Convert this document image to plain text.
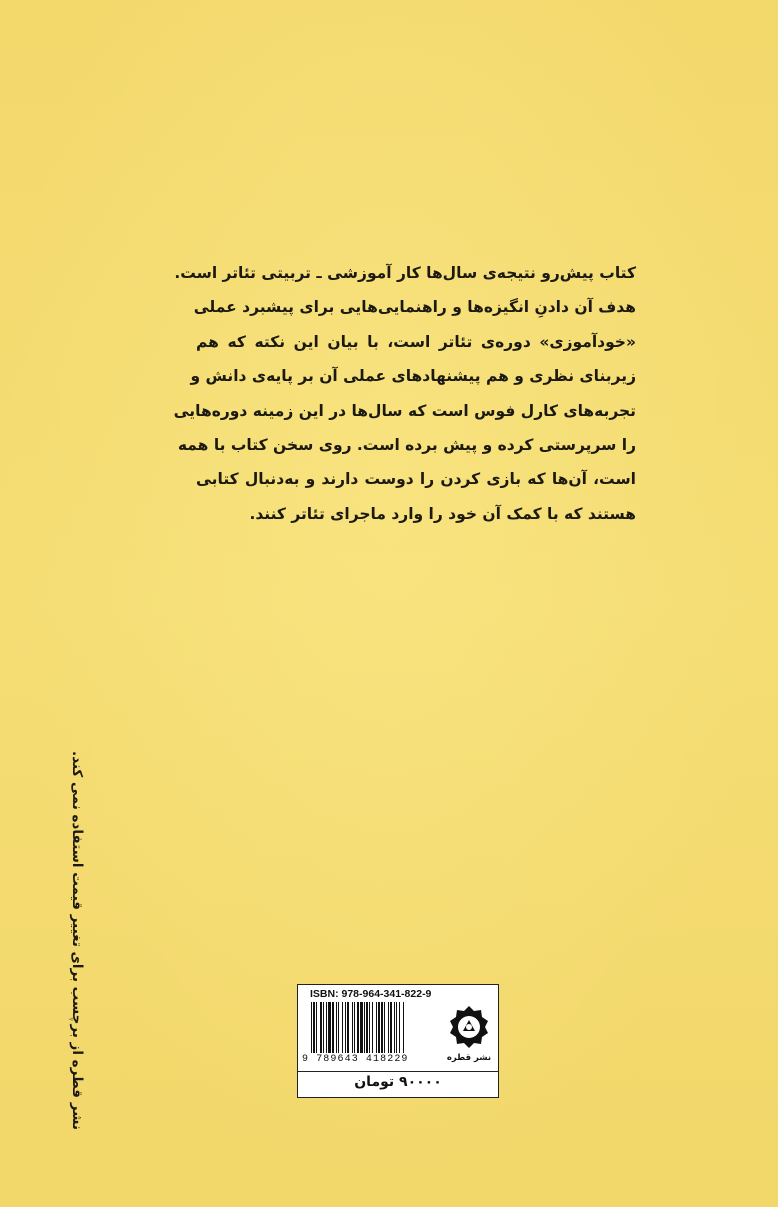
کتاب پیش‌رو نتیجه‌ی سال‌ها کار آموزشی ـ تربیتی تئاتر است.
هدف آن دادنِ انگیزه‌ها و راهنمایی‌هایی برای پیشبرد عملی
«خودآموزی» دوره‌ی تئاتر است، با بیان این نکته که هم
زیربنای نظری و هم پیشنهادهای عملی آن بر پایه‌ی دانش و
تجربه‌های کارل فوس است که سال‌ها در این زمینه دوره‌هایی
را سرپرستی کرده و پیش برده است. روی سخن کتاب با همه
است، آن‌ها که بازی کردن را دوست دارند و به‌دنبال کتابی
هستند که با کمک آن خود را وارد ماجرای تئاتر کنند.
نشر قطره از برچسب برای تغییر قیمت استفاده نمی کند.	ISBN: 978-964-341-822-9
9 789643 418229	نشر قطره
۹۰۰۰۰ تومان
